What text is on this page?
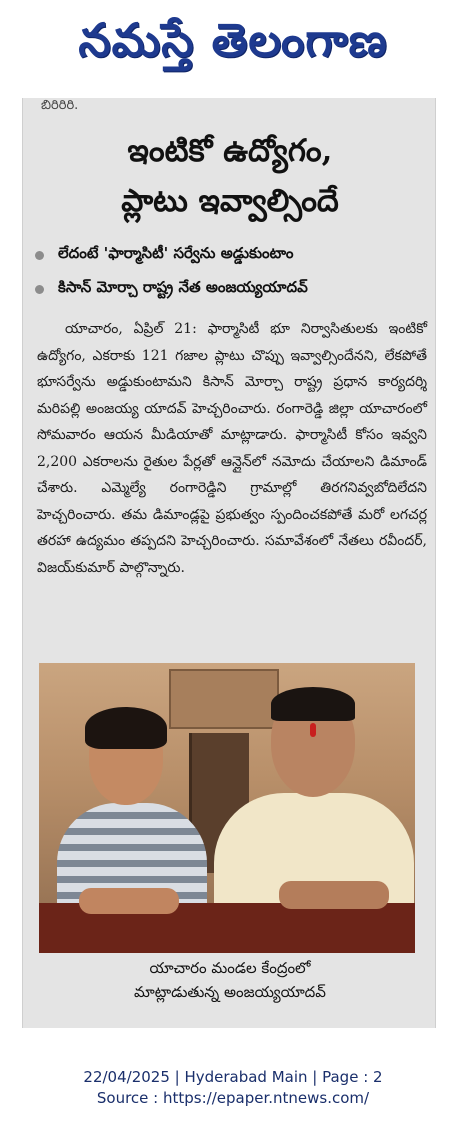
నమస్తే తెలంగాణ
బిరిరిరి.
ఇంటికో ఉద్యోగం,
ప్లాటు ఇవ్వాల్సిందే
లేదంటే 'ఫార్మాసిటీ' సర్వేను అడ్డుకుంటాం
కిసాన్ మోర్చా రాష్ట్ర నేత అంజయ్యయాదవ్

యాచారం, ఏప్రిల్ 21: ఫార్మాసిటీ భూ నిర్వాసితులకు ఇంటికో ఉద్యోగం, ఎకరాకు 121 గజాల ప్లాటు చొప్పు ఇవ్వాల్సిందేనని, లేకపోతే భూసర్వేను అడ్డుకుంటామని కిసాన్ మోర్చా రాష్ట్ర ప్రధాన కార్యదర్శి మరిపల్లి అంజయ్య యాదవ్ హెచ్చరించారు. రంగారెడ్డి జిల్లా యాచారంలో సోమవారం ఆయన మీడియాతో మాట్లాడారు. ఫార్మాసిటీ కోసం ఇవ్వని 2,200 ఎకరాలను రైతుల పేర్లతో ఆన్లైన్‌లో నమోదు చేయాలని డిమాండ్ చేశారు. ఎమ్మెల్యే రంగారెడ్డిని గ్రామాల్లో తిరగనివ్వబోదిలేదని హెచ్చరించారు. తమ డిమాండ్లపై ప్రభుత్వం స్పందించకపోతే మరో లగచర్ల తరహా ఉద్యమం తప్పదని హెచ్చరించారు. సమావేశంలో నేతలు రవీందర్, విజయ్‌కుమార్ పాల్గొన్నారు.

యాచారం మండల కేంద్రంలో
మాట్లాడుతున్న అంజయ్యయాదవ్
22/04/2025 | Hyderabad Main | Page : 2
Source : https://epaper.ntnews.com/
